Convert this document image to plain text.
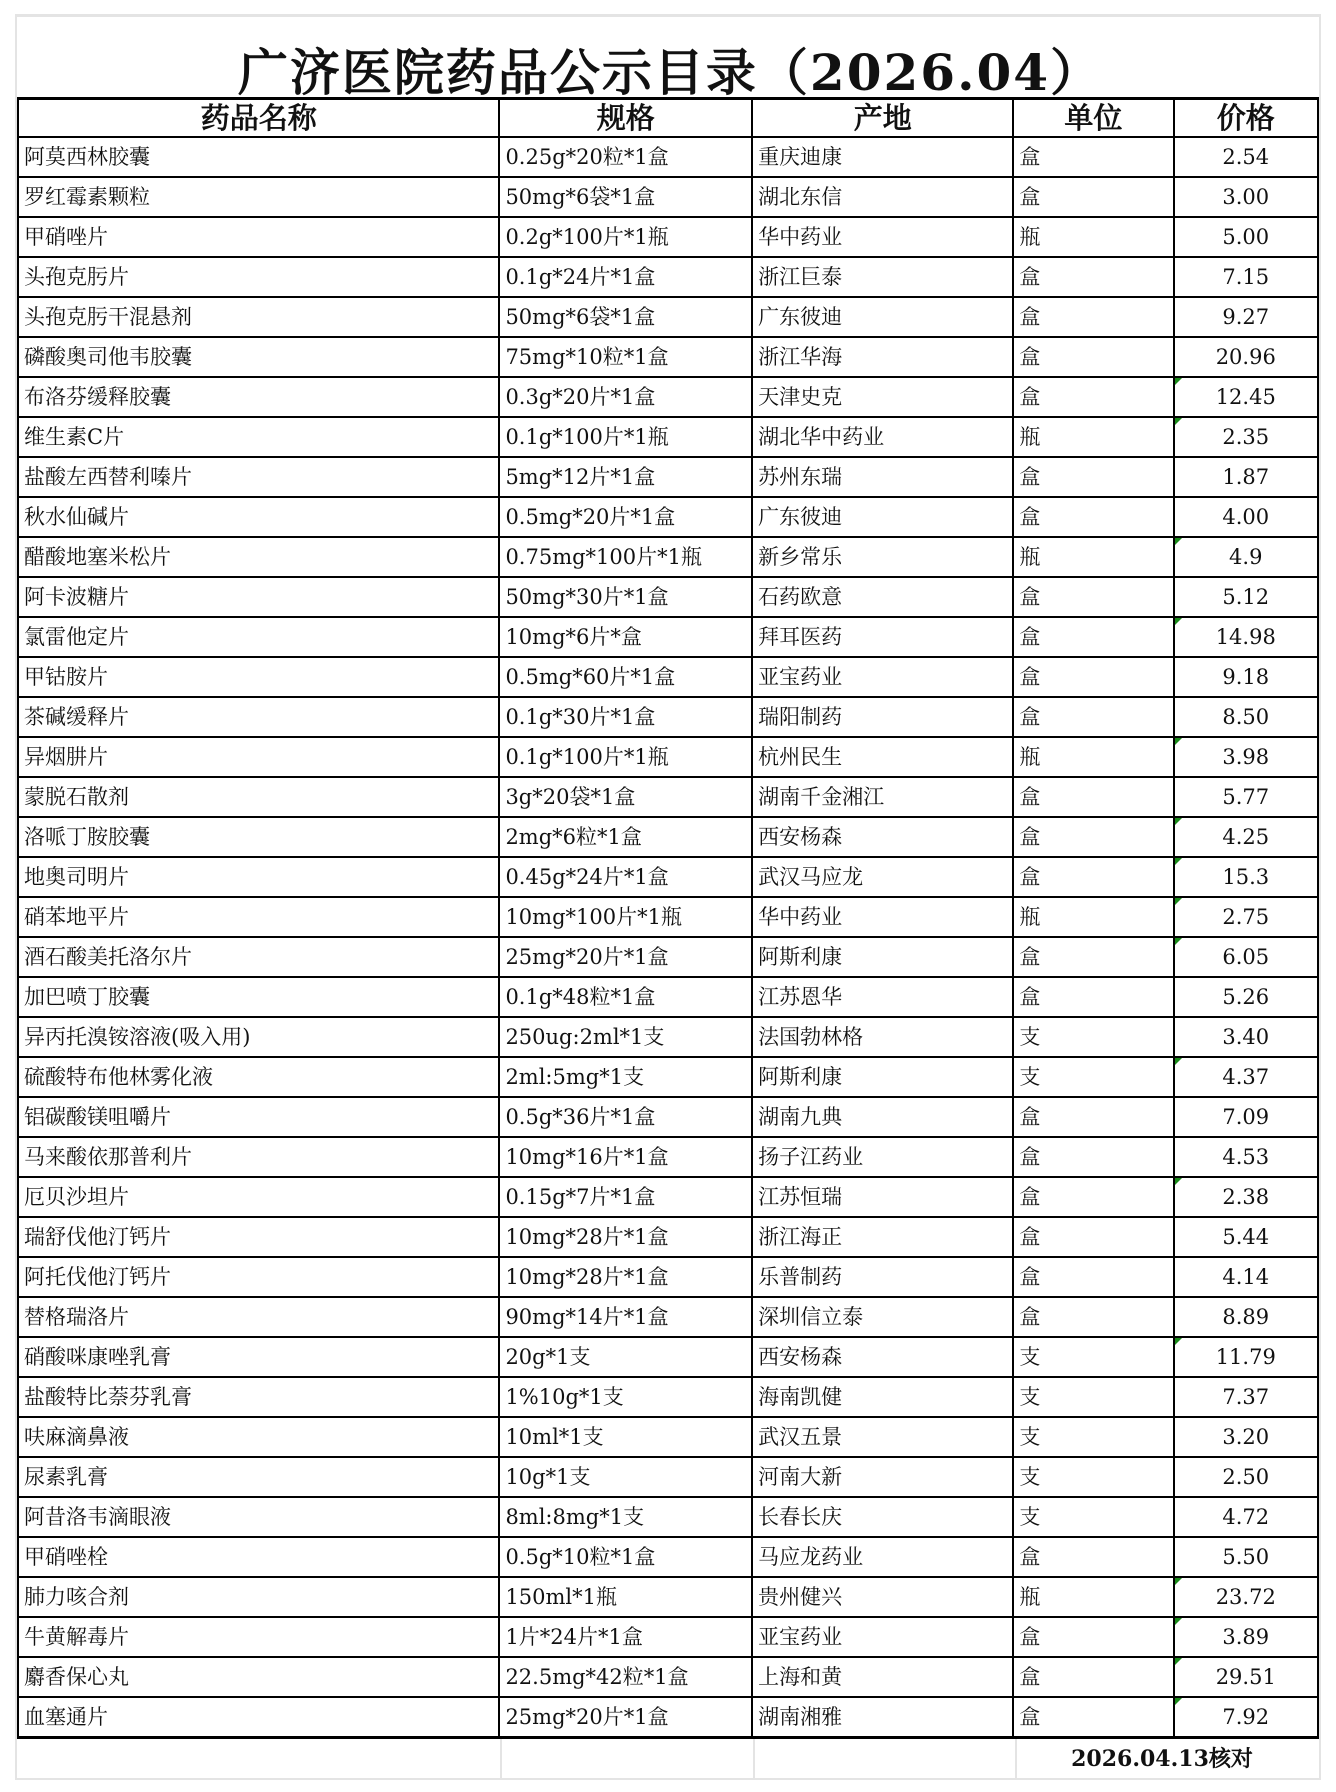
广济医院药品公示目录（2026.04）
药品名称	规格	产地	单位	价格
阿莫西林胶囊	0.25g*20粒*1盒	重庆迪康	盒	2.54
罗红霉素颗粒	50mg*6袋*1盒	湖北东信	盒	3.00
甲硝唑片	0.2g*100片*1瓶	华中药业	瓶	5.00
头孢克肟片	0.1g*24片*1盒	浙江巨泰	盒	7.15
头孢克肟干混悬剂	50mg*6袋*1盒	广东彼迪	盒	9.27
磷酸奥司他韦胶囊	75mg*10粒*1盒	浙江华海	盒	20.96
布洛芬缓释胶囊	0.3g*20片*1盒	天津史克	盒	12.45
维生素C片	0.1g*100片*1瓶	湖北华中药业	瓶	2.35
盐酸左西替利嗪片	5mg*12片*1盒	苏州东瑞	盒	1.87
秋水仙碱片	0.5mg*20片*1盒	广东彼迪	盒	4.00
醋酸地塞米松片	0.75mg*100片*1瓶	新乡常乐	瓶	4.9
阿卡波糖片	50mg*30片*1盒	石药欧意	盒	5.12
氯雷他定片	10mg*6片*盒	拜耳医药	盒	14.98
甲钴胺片	0.5mg*60片*1盒	亚宝药业	盒	9.18
茶碱缓释片	0.1g*30片*1盒	瑞阳制药	盒	8.50
异烟肼片	0.1g*100片*1瓶	杭州民生	瓶	3.98
蒙脱石散剂	3g*20袋*1盒	湖南千金湘江	盒	5.77
洛哌丁胺胶囊	2mg*6粒*1盒	西安杨森	盒	4.25
地奥司明片	0.45g*24片*1盒	武汉马应龙	盒	15.3
硝苯地平片	10mg*100片*1瓶	华中药业	瓶	2.75
酒石酸美托洛尔片	25mg*20片*1盒	阿斯利康	盒	6.05
加巴喷丁胶囊	0.1g*48粒*1盒	江苏恩华	盒	5.26
异丙托溴铵溶液(吸入用)	250ug:2ml*1支	法国勃林格	支	3.40
硫酸特布他林雾化液	2ml:5mg*1支	阿斯利康	支	4.37
铝碳酸镁咀嚼片	0.5g*36片*1盒	湖南九典	盒	7.09
马来酸依那普利片	10mg*16片*1盒	扬子江药业	盒	4.53
厄贝沙坦片	0.15g*7片*1盒	江苏恒瑞	盒	2.38
瑞舒伐他汀钙片	10mg*28片*1盒	浙江海正	盒	5.44
阿托伐他汀钙片	10mg*28片*1盒	乐普制药	盒	4.14
替格瑞洛片	90mg*14片*1盒	深圳信立泰	盒	8.89
硝酸咪康唑乳膏	20g*1支	西安杨森	支	11.79
盐酸特比萘芬乳膏	1%10g*1支	海南凯健	支	7.37
呋麻滴鼻液	10ml*1支	武汉五景	支	3.20
尿素乳膏	10g*1支	河南大新	支	2.50
阿昔洛韦滴眼液	8ml:8mg*1支	长春长庆	支	4.72
甲硝唑栓	0.5g*10粒*1盒	马应龙药业	盒	5.50
肺力咳合剂	150ml*1瓶	贵州健兴	瓶	23.72
牛黄解毒片	1片*24片*1盒	亚宝药业	盒	3.89
麝香保心丸	22.5mg*42粒*1盒	上海和黄	盒	29.51
血塞通片	25mg*20片*1盒	湖南湘雅	盒	7.92
2026.04.13核对
